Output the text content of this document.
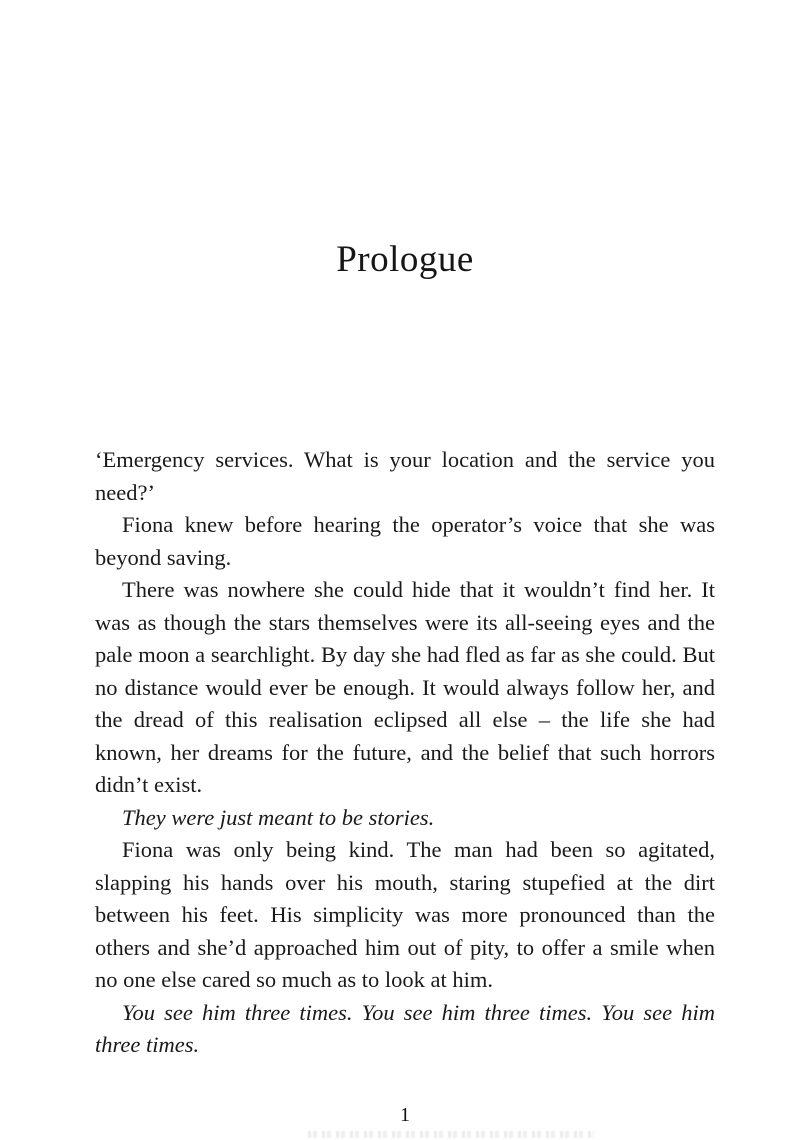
Prologue

‘Emergency services. What is your location and the service you need?’

Fiona knew before hearing the operator’s voice that she was beyond saving.

There was nowhere she could hide that it wouldn’t find her. It was as though the stars themselves were its all-seeing eyes and the pale moon a searchlight. By day she had fled as far as she could. But no distance would ever be enough. It would always follow her, and the dread of this realisation eclipsed all else – the life she had known, her dreams for the future, and the belief that such horrors didn’t exist.

They were just meant to be stories.

Fiona was only being kind. The man had been so agitated, slapping his hands over his mouth, staring stupefied at the dirt between his feet. His simplicity was more pronounced than the others and she’d approached him out of pity, to offer a smile when no one else cared so much as to look at him.

You see him three times. You see him three times. You see him three times.

1
